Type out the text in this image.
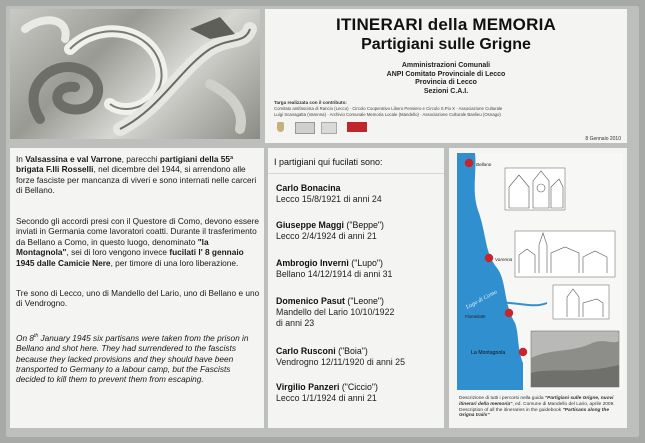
ITINERARI della MEMORIA
Partigiani sulle Grigne
Amministrazioni Comunali
ANPI Comitato Provinciale di Lecco
Provincia di Lecco
Sezioni C.A.I.
Targa realizzata con il contributo:
Comitato antifascista di Rancio (Lecco) · Circolo Cooperativo Libero Pensiero e Circolo S.Pio X · Associazione Culturale
Luigi Scanagatta (Varenna) · Archivio Comunale Memoria Locale (Mandello) · Associazione Culturale Banlieu (Osnago)
8 Gennaio 2010

In Valsassina e val Varrone, parecchi partigiani della 55ª brigata F.lli Rosselli, nel dicembre del 1944, si arrendono alle forze fasciste per mancanza di viveri e sono internati nelle carceri di Bellano.

Secondo gli accordi presi con il Questore di Como, devono essere inviati in Germania come lavoratori coatti. Durante il trasferimento da Bellano a Como, in questo luogo, denominato "la Montagnola", sei di loro vengono invece fucilati l' 8 gennaio 1945 dalle Camicie Nere, per timore di una loro liberazione.

Tre sono di Lecco, uno di Mandello del Lario, uno di Bellano e uno di Vendrogno.

On 8th January 1945 six partisans were taken from the prison in Bellano and shot here. They had surrendered to the fascists because they lacked provisions and they should have been transported to Germany to a labour camp, but the Fascists decided to kill them to prevent them from escaping.

I partigiani qui fucilati sono:
Carlo Bonacina
Lecco 15/8/1921 di anni 24
Giuseppe Maggi ("Beppe")
Lecco 2/4/1924 di anni 21
Ambrogio Invernì ("Lupo")
Bellano 14/12/1914 di anni 31
Domenico Pasut ("Leone")
Mandello del Lario 10/10/1922
di anni 23
Carlo Rusconi ("Boia")
Vendrogno 12/11/1920 di anni 25
Virgilio Panzeri ("Ciccio")
Lecco 1/1/1924 di anni 21
Bellano
Varenna
Lago di Como
Fiumelatte
La Montagnola
Descrizione di tutti i percorsi nella guida "Partigiani sulle Grigne, nuovi itinerari della memoria", ed. Comune di Mandello del Lario, aprile 2009. Description of all the itineraries in the guidebook "Partisans along the Grigna trails"
